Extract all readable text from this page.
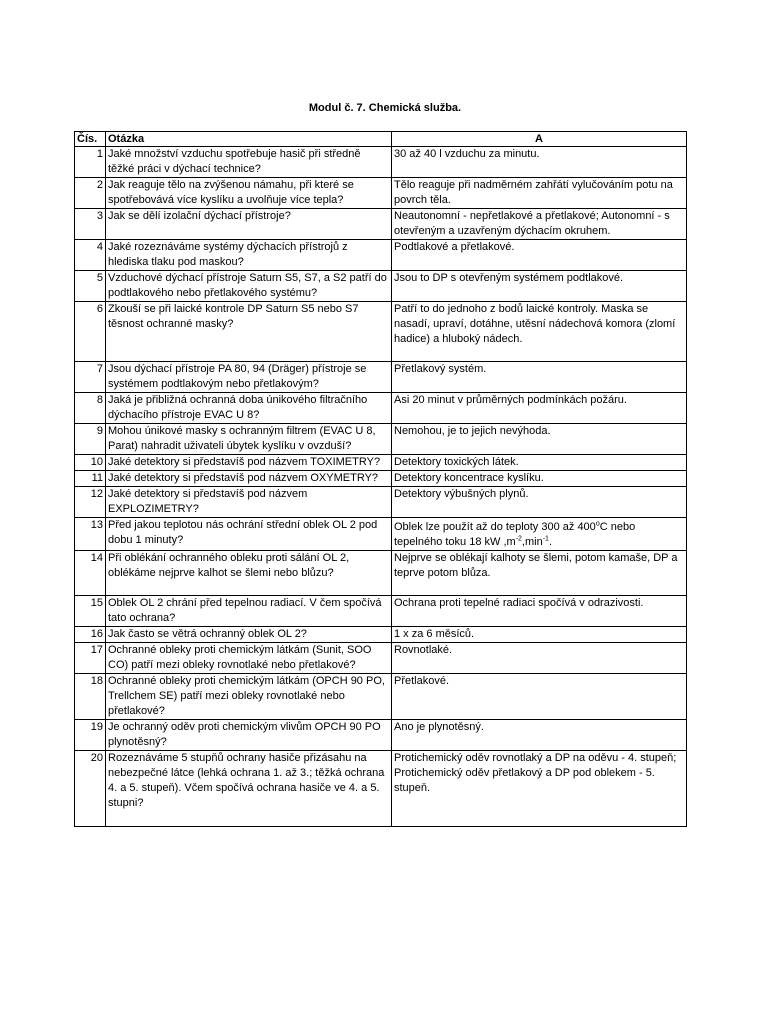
Modul č. 7. Chemická služba.
Čís.	Otázka	A
1	Jaké množství vzduchu spotřebuje hasič při středně těžké práci v dýchací technice?	30 až 40 l vzduchu za minutu.
2	Jak reaguje tělo na zvýšenou námahu, při které se spotřebovává více kyslíku a uvolňuje více tepla?	Tělo reaguje při nadměrném zahřátí vylučováním potu na povrch těla.
3	Jak se dělí izolační dýchací přístroje?	Neautonomní - nepřetlakové a přetlakové; Autonomní - s otevřeným a uzavřeným dýchacím okruhem.
4	Jaké rozeznáváme systémy dýchacích přístrojů z hlediska tlaku pod maskou?	Podtlakové a přetlakové.
5	Vzduchové dýchací přístroje Saturn S5, S7, a S2 patří do podtlakového nebo přetlakového systému?	Jsou to DP s otevřeným systémem podtlakové.
6	Zkouší se při laické kontrole DP Saturn S5 nebo S7 těsnost ochranné masky?	Patří to do jednoho z bodů laické kontroly. Maska se nasadí, upraví, dotáhne, utěsní nádechová komora (zlomí hadice) a hluboký nádech.
7	Jsou dýchací přístroje PA 80, 94 (Dräger) přístroje se systémem podtlakovým nebo přetlakovým?	Přetlakový systém.
8	Jaká je přibližná ochranná doba únikového filtračního dýchacího přístroje EVAC U 8?	Asi 20 minut v průměrných podmínkách požáru.
9	Mohou únikové masky s ochranným filtrem (EVAC U 8, Parat) nahradit uživateli úbytek kyslíku v ovzduší?	Nemohou, je to jejich nevýhoda.
10	Jaké detektory si představíš pod názvem TOXIMETRY?	Detektory toxických látek.
11	Jaké detektory si představíš pod názvem OXYMETRY?	Detektory koncentrace kyslíku.
12	Jaké detektory si představíš pod názvem EXPLOZIMETRY?	Detektory výbušných plynů.
13	Před jakou teplotou nás ochrání střední oblek OL 2 pod dobu 1 minuty?	Oblek lze použít až do teploty 300 až 400$^o$C nebo tepelného toku 18 kW $,m^{-2},\min^{-1}$.
14	Při oblékání ochranného obleku proti sálání OL 2, oblékáme nejprve kalhot se šlemi nebo blůzu?	Nejprve se oblékají kalhoty se šlemi, potom kamaše, DP a teprve potom blůza.
15	Oblek OL 2 chrání před tepelnou radiací. V čem spočívá tato ochrana?	Ochrana proti tepelné radiaci spočívá v odrazivosti.
16	Jak často se větrá ochranný oblek OL 2?	1 x za 6 měsíců.
17	Ochranné obleky proti chemickým látkám (Sunit, SOO CO) patří mezi obleky rovnotlaké nebo přetlakové?	Rovnotlaké.
18	Ochranné obleky proti chemickým látkám (OPCH 90 PO, Trellchem SE) patří mezi obleky rovnotlaké nebo přetlakové?	Přetlakové.
19	Je ochranný oděv proti chemickým vlivům OPCH 90 PO plynotěsný?	Ano je plynotěsný.
20	Rozeznáváme 5 stupňů ochrany hasiče přizásahu na nebezpečné látce (lehká ochrana 1. až 3.; těžká ochrana 4. a 5. stupeň). Včem spočívá ochrana hasiče ve 4. a 5. stupni?	Protichemický oděv rovnotlaký a DP na oděvu - 4. stupeň; Protichemický oděv přetlakový a DP pod oblekem - 5. stupeň.
